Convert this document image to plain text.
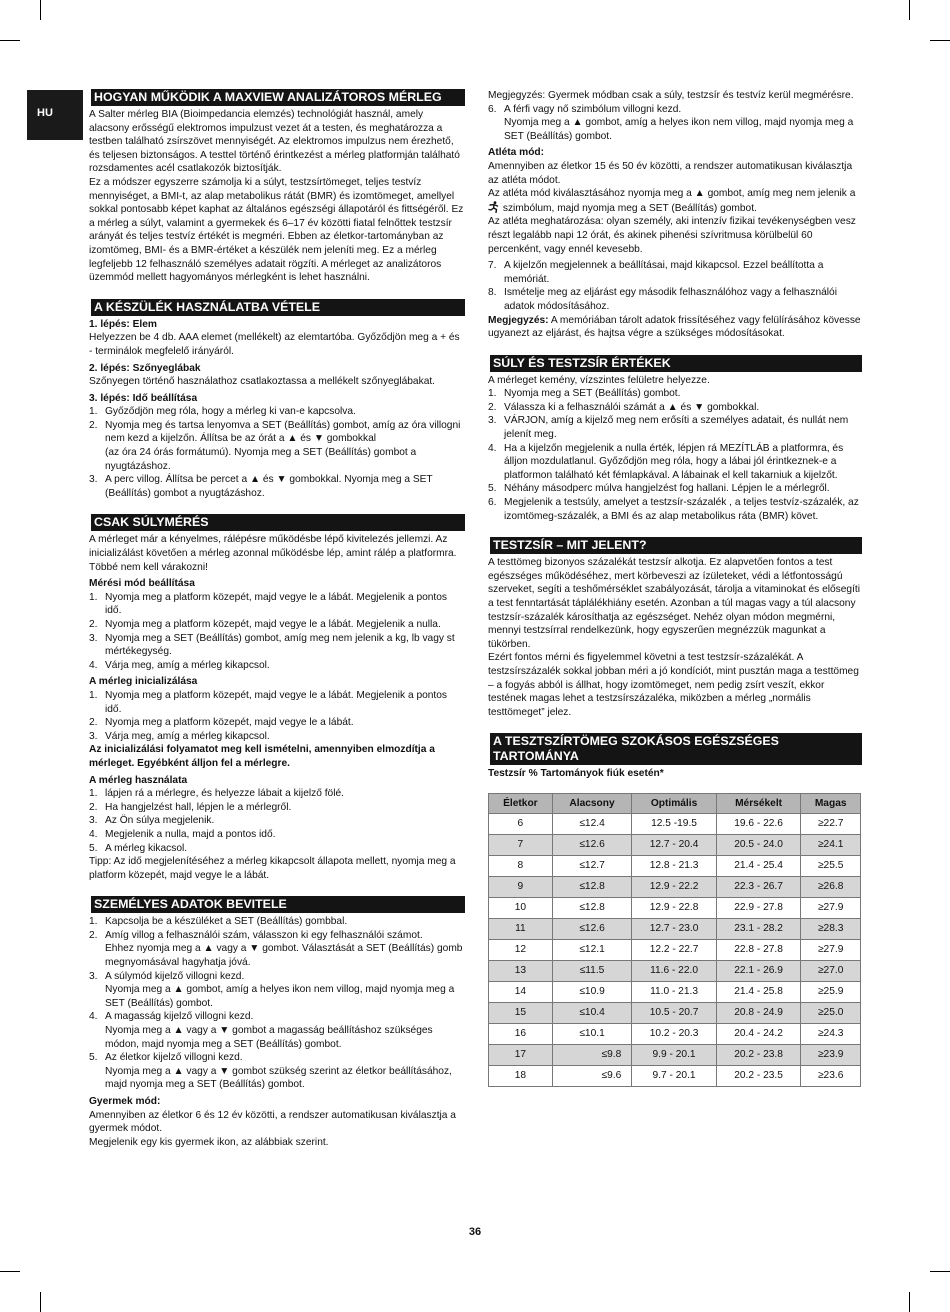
HU
HOGYAN MŰKÖDIK A MAXVIEW ANALIZÁTOROS MÉRLEG

A Salter mérleg BIA (Bioimpedancia elemzés) technológiát használ, amely alacsony erősségű elektromos impulzust vezet át a testen, és meghatározza a testben található zsírszövet mennyiségét. Az elektromos impulzus nem érezhető, és teljesen biztonságos. A testtel történő érintkezést a mérleg platformján található rozsdamentes acél csatlakozók biztosítják.

Ez a módszer egyszerre számolja ki a súlyt, testzsírtömeget, teljes testvíz mennyiséget, a BMI-t, az alap metabolikus rátát (BMR) és izomtömeget, amellyel sokkal pontosabb képet kaphat az általános egészségi állapotáról és fittségéről. Ez a mérleg a súlyt, valamint a gyermekek és 6–17 év közötti fiatal felnőttek testzsír arányát és teljes testvíz értékét is megméri. Ebben az életkor-tartományban az izomtömeg, BMI- és a BMR-értéket a készülék nem jeleníti meg. Ez a mérleg legfeljebb 12 felhasználó személyes adatait rögzíti. A mérleget az analizátoros üzemmód mellett hagyományos mérlegként is lehet használni.

A KÉSZÜLÉK HASZNÁLATBA VÉTELE

1. lépés: Elem

Helyezzen be 4 db. AAA elemet (mellékelt) az elemtartóba. Győződjön meg a + és - terminálok megfelelő irányáról.

2. lépés: Szőnyeglábak

Szőnyegen történő használathoz csatlakoztassa a mellékelt szőnyeglábakat.

3. lépés: Idő beállítása

1. Győződjön meg róla, hogy a mérleg ki van-e kapcsolva.
2. Nyomja meg és tartsa lenyomva a SET (Beállítás) gombot, amíg az óra villogni nem kezd a kijelzőn. Állítsa be az órát a ▲ és ▼ gombokkal
(az óra 24 órás formátumú). Nyomja meg a SET (Beállítás) gombot a nyugtázáshoz.
3. A perc villog. Állítsa be percet a ▲ és ▼ gombokkal. Nyomja meg a SET (Beállítás) gombot a nyugtázáshoz.
CSAK SÚLYMÉRÉS

A mérleget már a kényelmes, rálépésre működésbe lépő kivitelezés jellemzi. Az inicializálást követően a mérleg azonnal működésbe lép, amint rálép a platformra. Többé nem kell várakozni!

Mérési mód beállítása

1. Nyomja meg a platform közepét, majd vegye le a lábát. Megjelenik a pontos idő.
2. Nyomja meg a platform közepét, majd vegye le a lábát. Megjelenik a nulla.
3. Nyomja meg a SET (Beállítás) gombot, amíg meg nem jelenik a kg, lb vagy st mértékegység.
4. Várja meg, amíg a mérleg kikapcsol.

A mérleg inicializálása

1. Nyomja meg a platform közepét, majd vegye le a lábát. Megjelenik a pontos idő.
2. Nyomja meg a platform közepét, majd vegye le a lábát.
3. Várja meg, amíg a mérleg kikapcsol.

Az inicializálási folyamatot meg kell ismételni, amennyiben elmozdítja a mérleget. Egyébként álljon fel a mérlegre.

A mérleg használata

1. lápjen rá a mérlegre, és helyezze lábait a kijelző fölé.
2. Ha hangjelzést hall, lépjen le a mérlegről.
3. Az Ön súlya megjelenik.
4. Megjelenik a nulla, majd a pontos idő.
5. A mérleg kikacsol.

Tipp: Az idő megjelenítéséhez a mérleg kikapcsolt állapota mellett, nyomja meg a platform közepét, majd vegye le a lábát.

SZEMÉLYES ADATOK BEVITELE
1. Kapcsolja be a készüléket a SET (Beállítás) gombbal.
2. Amíg villog a felhasználói szám, válasszon ki egy felhasználói számot.
Ehhez nyomja meg a ▲ vagy a ▼ gombot. Választását a SET (Beállítás) gomb megnyomásával hagyhatja jóvá.
3. A súlymód kijelző villogni kezd.
Nyomja meg a ▲ gombot, amíg a helyes ikon nem villog, majd nyomja meg a SET (Beállítás) gombot.
4. A magasság kijelző villogni kezd.
Nyomja meg a ▲ vagy a ▼ gombot a magasság beállításhoz szükséges módon, majd nyomja meg a SET (Beállítás) gombot.
5. Az életkor kijelző villogni kezd.
Nyomja meg a ▲ vagy a ▼ gombot szükség szerint az életkor beállításához, majd nyomja meg a SET (Beállítás) gombot.

Gyermek mód:

Amennyiben az életkor 6 és 12 év közötti, a rendszer automatikusan kiválasztja a gyermek módot.

Megjelenik egy kis gyermek ikon, az alábbiak szerint.

Megjegyzés: Gyermek módban csak a súly, testzsír és testvíz kerül megmérésre.

6. A férfi vagy nő szimbólum villogni kezd.
Nyomja meg a ▲ gombot, amíg a helyes ikon nem villog, majd nyomja meg a SET (Beállítás) gombot.

Atléta mód:

Amennyiben az életkor 15 és 50 év közötti, a rendszer automatikusan kiválasztja az atléta módot.

Az atléta mód kiválasztásához nyomja meg a ▲ gombot, amíg meg nem jelenik a  szimbólum, majd nyomja meg a SET (Beállítás) gombot.

Az atléta meghatározása: olyan személy, aki intenzív fizikai tevékenységben vesz részt legalább napi 12 órát, és akinek pihenési szívritmusa körülbelül 60 percenként, vagy ennél kevesebb.

7. A kijelzőn megjelennek a beállításai, majd kikapcsol. Ezzel beállította a memóriát.
8. Ismételje meg az eljárást egy második felhasználóhoz vagy a felhasználói adatok módosításához.

Megjegyzés: A memóriában tárolt adatok frissítéséhez vagy felülírásához kövesse ugyanezt az eljárást, és hajtsa végre a szükséges módosításokat.

SÚLY ÉS TESTZSÍR ÉRTÉKEK

A mérleget kemény, vízszintes felületre helyezze.

1. Nyomja meg a SET (Beállítás) gombot.
2. Válassza ki a felhasználói számát a ▲ és ▼ gombokkal.
3. VÁRJON, amíg a kijelző meg nem erősíti a személyes adatait, és nullát nem jelenít meg.
4. Ha a kijelzőn megjelenik a nulla érték, lépjen rá MEZÍTLÁB a platformra, és álljon mozdulatlanul. Győződjön meg róla, hogy a lábai jól érintkeznek-e a platformon található két fémlapkával. A lábainak el kell takarniuk a kijelzőt.
5. Néhány másodperc múlva hangjelzést fog hallani. Lépjen le a mérlegről.
6. Megjelenik a testsúly, amelyet a testzsír-százalék , a teljes testvíz-százalék, az izomtömeg-százalék, a BMI és az alap metabolikus ráta (BMR) követ.
TESTZSÍR – MIT JELENT?

A testtömeg bizonyos százalékát testzsír alkotja. Ez alapvetően fontos a test egészséges működéséhez, mert körbeveszi az ízületeket, védi a létfontosságú szerveket, segíti a teshőmérséklet szabályozását, tárolja a vitaminokat és elősegíti a test fenntartását táplálékhiány esetén. Azonban a túl magas vagy a túl alacsony testzsír-százalék károsíthatja az egészséget. Nehéz olyan módon megmérni, mennyi testzsírral rendelkezünk, hogy egyszerűen megnézzük magunkat a tükörben.

Ezért fontos mérni és figyelemmel követni a test testzsír-százalékát. A testzsírszázalék sokkal jobban méri a jó kondíciót, mint pusztán maga a testtömeg – a fogyás abból is állhat, hogy izomtömeget, nem pedig zsírt veszít, ekkor testének magas lehet a testzsírszázaléka, miközben a mérleg „normális testtömeget” jelez.

A TESZTSZÍRTÖMEG SZOKÁSOS EGÉSZSÉGES TARTOMÁNYA

Testzsír % Tartományok fiúk esetén*

Életkor	Alacsony	Optimális	Mérsékelt	Magas
6	≤12.4	12.5 -19.5	19.6 - 22.6	≥22.7
7	≤12.6	12.7 - 20.4	20.5 - 24.0	≥24.1
8	≤12.7	12.8 - 21.3	21.4 - 25.4	≥25.5
9	≤12.8	12.9 - 22.2	22.3 - 26.7	≥26.8
10	≤12.8	12.9 - 22.8	22.9 - 27.8	≥27.9
11	≤12.6	12.7 - 23.0	23.1 - 28.2	≥28.3
12	≤12.1	12.2 - 22.7	22.8 - 27.8	≥27.9
13	≤11.5	11.6 - 22.0	22.1 - 26.9	≥27.0
14	≤10.9	11.0 - 21.3	21.4 - 25.8	≥25.9
15	≤10.4	10.5 - 20.7	20.8 - 24.9	≥25.0
16	≤10.1	10.2 - 20.3	20.4 - 24.2	≥24.3
17	≤9.8	9.9 - 20.1	20.2 - 23.8	≥23.9
18	≤9.6	9.7 - 20.1	20.2 - 23.5	≥23.6
36
